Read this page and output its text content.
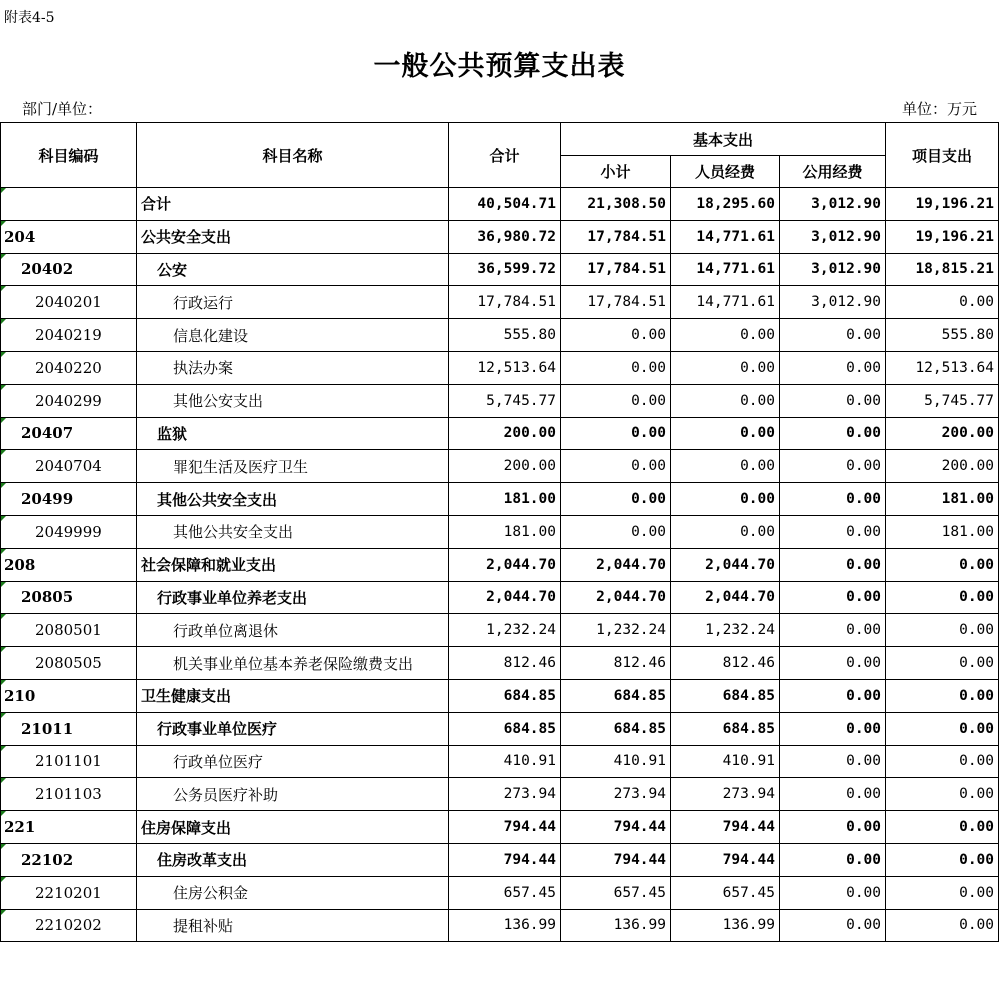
附表4-5
一般公共预算支出表
部门/单位：	单位：万元
科目编码	科目名称	合计	基本支出			项目支出
			小计	人员经费	公用经费	
	合计	40,504.71	21,308.50	18,295.60	3,012.90	19,196.21
204	公共安全支出	36,980.72	17,784.51	14,771.61	3,012.90	19,196.21
20402	公安	36,599.72	17,784.51	14,771.61	3,012.90	18,815.21
2040201	行政运行	17,784.51	17,784.51	14,771.61	3,012.90	0.00
2040219	信息化建设	555.80	0.00	0.00	0.00	555.80
2040220	执法办案	12,513.64	0.00	0.00	0.00	12,513.64
2040299	其他公安支出	5,745.77	0.00	0.00	0.00	5,745.77
20407	监狱	200.00	0.00	0.00	0.00	200.00
2040704	罪犯生活及医疗卫生	200.00	0.00	0.00	0.00	200.00
20499	其他公共安全支出	181.00	0.00	0.00	0.00	181.00
2049999	其他公共安全支出	181.00	0.00	0.00	0.00	181.00
208	社会保障和就业支出	2,044.70	2,044.70	2,044.70	0.00	0.00
20805	行政事业单位养老支出	2,044.70	2,044.70	2,044.70	0.00	0.00
2080501	行政单位离退休	1,232.24	1,232.24	1,232.24	0.00	0.00
2080505	机关事业单位基本养老保险缴费支出	812.46	812.46	812.46	0.00	0.00
210	卫生健康支出	684.85	684.85	684.85	0.00	0.00
21011	行政事业单位医疗	684.85	684.85	684.85	0.00	0.00
2101101	行政单位医疗	410.91	410.91	410.91	0.00	0.00
2101103	公务员医疗补助	273.94	273.94	273.94	0.00	0.00
221	住房保障支出	794.44	794.44	794.44	0.00	0.00
22102	住房改革支出	794.44	794.44	794.44	0.00	0.00
2210201	住房公积金	657.45	657.45	657.45	0.00	0.00
2210202	提租补贴	136.99	136.99	136.99	0.00	0.00
